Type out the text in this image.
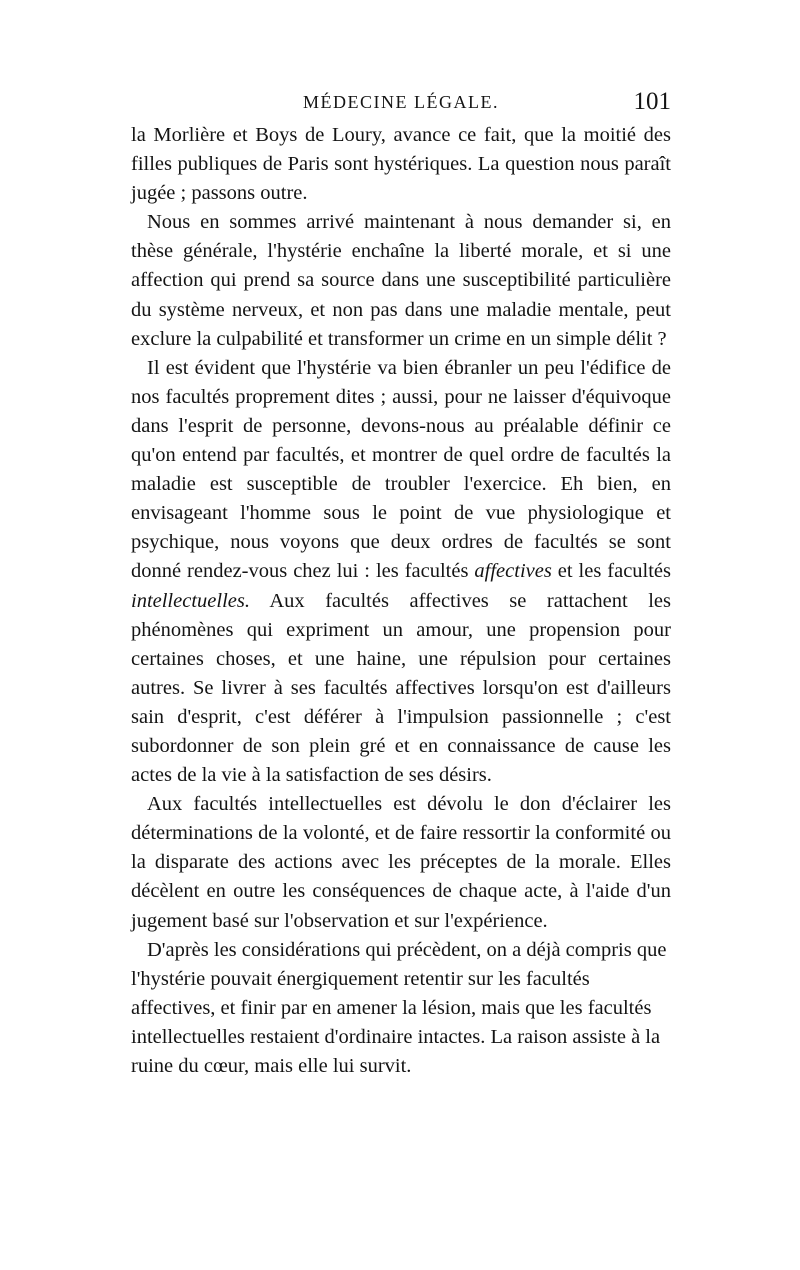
MÉDECINE LÉGALE.	101

la Morlière et Boys de Loury, avance ce fait, que la moitié des filles publiques de Paris sont hystériques. La question nous paraît jugée ; passons outre.

Nous en sommes arrivé maintenant à nous demander si, en thèse générale, l'hystérie enchaîne la liberté morale, et si une affection qui prend sa source dans une susceptibilité particulière du système nerveux, et non pas dans une maladie mentale, peut exclure la culpabilité et transformer un crime en un simple délit ?

Il est évident que l'hystérie va bien ébranler un peu l'édifice de nos facultés proprement dites ; aussi, pour ne laisser d'équivoque dans l'esprit de personne, devons-nous au préalable définir ce qu'on entend par facultés, et montrer de quel ordre de facultés la maladie est susceptible de troubler l'exercice. Eh bien, en envisageant l'homme sous le point de vue physiologique et psychique, nous voyons que deux ordres de facultés se sont donné rendez-vous chez lui : les facultés affectives et les facultés intellectuelles. Aux facultés affectives se rattachent les phénomènes qui expriment un amour, une propension pour certaines choses, et une haine, une répulsion pour certaines autres. Se livrer à ses facultés affectives lorsqu'on est d'ailleurs sain d'esprit, c'est déférer à l'impulsion passionnelle ; c'est subordonner de son plein gré et en connaissance de cause les actes de la vie à la satisfaction de ses désirs.

Aux facultés intellectuelles est dévolu le don d'éclairer les déterminations de la volonté, et de faire ressortir la conformité ou la disparate des actions avec les préceptes de la morale. Elles décèlent en outre les conséquences de chaque acte, à l'aide d'un jugement basé sur l'observation et sur l'expérience.

D'après les considérations qui précèdent, on a déjà compris que l'hystérie pouvait énergiquement retentir sur les facultés affectives, et finir par en amener la lésion, mais que les facultés intellectuelles restaient d'ordinaire intactes. La raison assiste à la ruine du cœur, mais elle lui survit.
